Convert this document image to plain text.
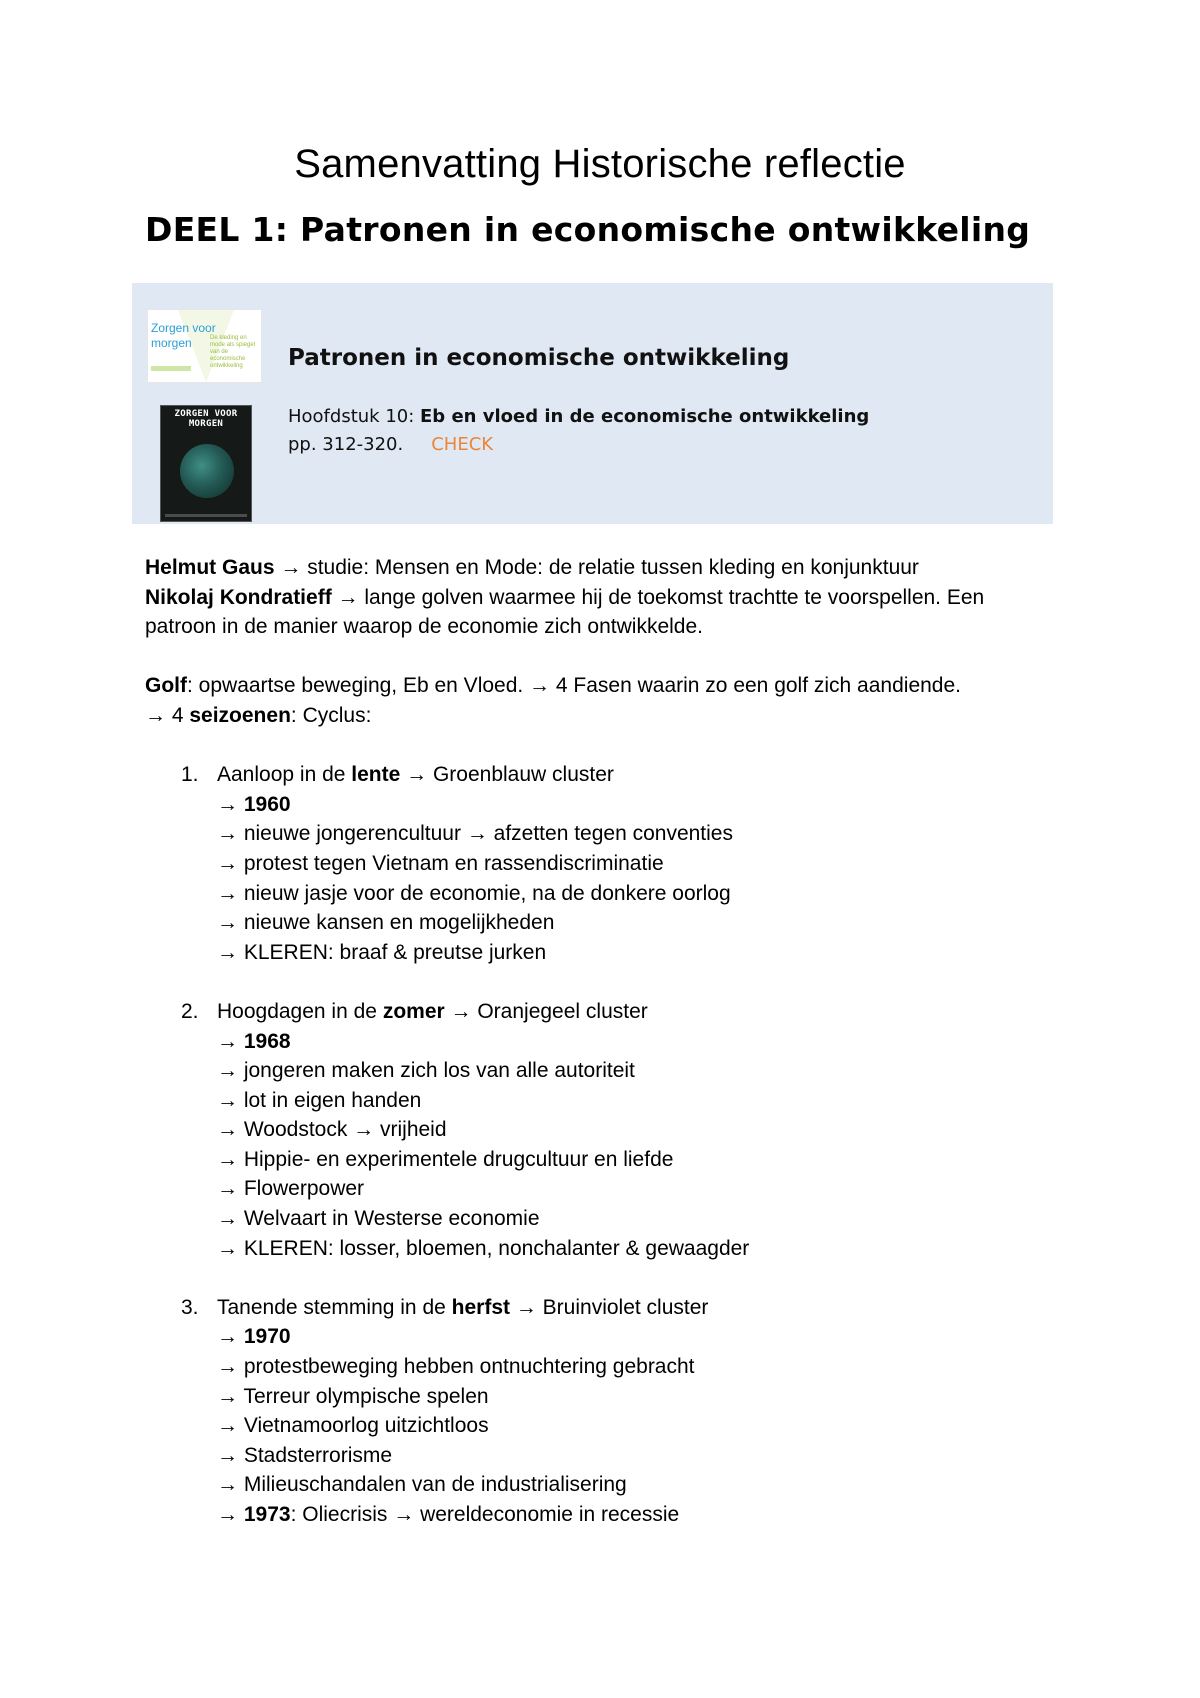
Samenvatting Historische reflectie
DEEL 1: Patronen in economische ontwikkeling
Zorgen voor morgen	De kleding en mode als spiegel van de economische ontwikkeling
ZORGEN VOOR MORGEN
Patronen in economische ontwikkeling
Hoofdstuk 10: Eb en vloed in de economische ontwikkeling
pp. 312-320. CHECK

Helmut Gaus → studie: Mensen en Mode: de relatie tussen kleding en konjunktuur

Nikolaj Kondratieff → lange golven waarmee hij de toekomst trachtte te voorspellen. Een patroon in de manier waarop de economie zich ontwikkelde.

Golf: opwaartse beweging, Eb en Vloed. → 4 Fasen waarin zo een golf zich aandiende.

→ 4 seizoenen: Cyclus:

1. Aanloop in de lente → Groenblauw cluster
→ 1960
→ nieuwe jongerencultuur → afzetten tegen conventies
→ protest tegen Vietnam en rassendiscriminatie
→ nieuw jasje voor de economie, na de donkere oorlog
→ nieuwe kansen en mogelijkheden
→ KLEREN: braaf & preutse jurken
2. Hoogdagen in de zomer → Oranjegeel cluster
→ 1968
→ jongeren maken zich los van alle autoriteit
→ lot in eigen handen
→ Woodstock → vrijheid
→ Hippie- en experimentele drugcultuur en liefde
→ Flowerpower
→ Welvaart in Westerse economie
→ KLEREN: losser, bloemen, nonchalanter & gewaagder
3. Tanende stemming in de herfst → Bruinviolet cluster
→ 1970
→ protestbeweging hebben ontnuchtering gebracht
→ Terreur olympische spelen
→ Vietnamoorlog uitzichtloos
→ Stadsterrorisme
→ Milieuschandalen van de industrialisering
→ 1973: Oliecrisis → wereldeconomie in recessie
